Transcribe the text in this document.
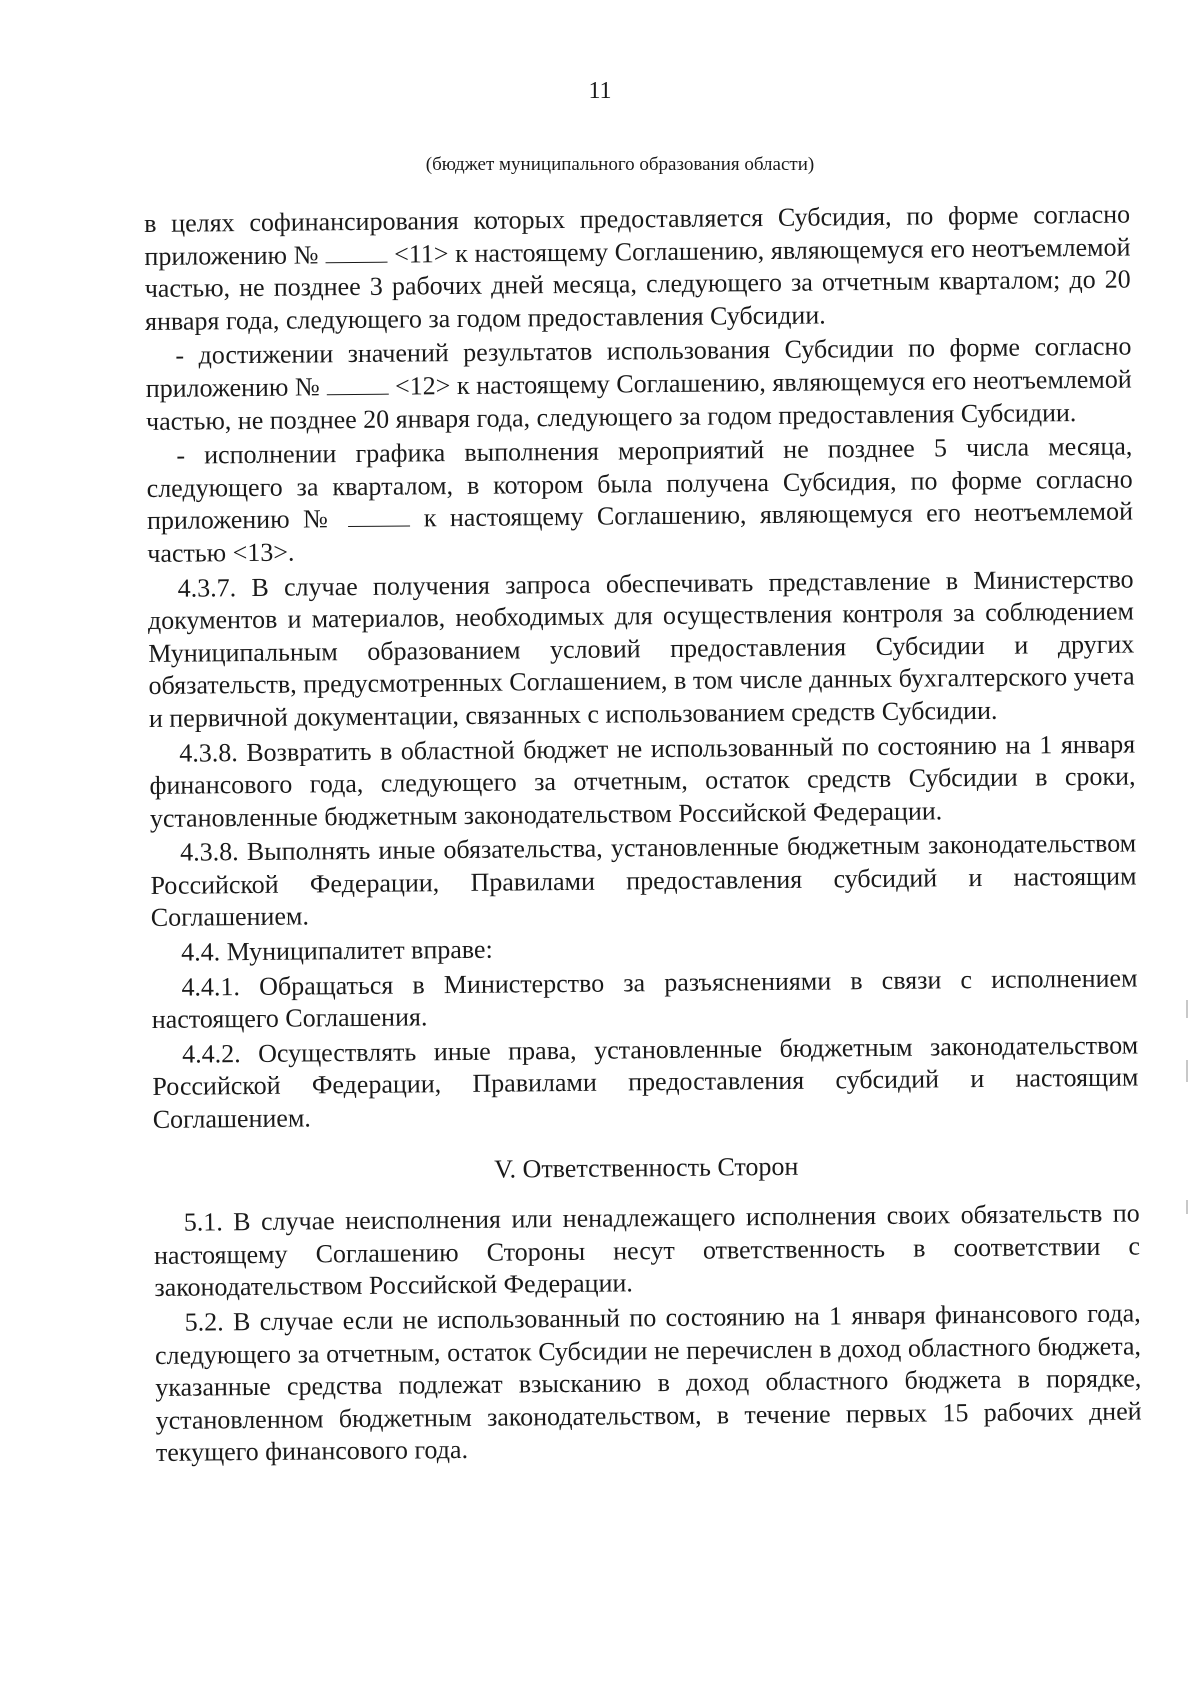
11
(бюджет муниципального образования области)

в целях софинансирования которых предоставляется Субсидия, по форме согласно приложению №  <11> к настоящему Соглашению, являющемуся его неотъемлемой частью, не позднее 3 рабочих дней месяца, следующего за отчетным кварталом; до 20 января года, следующего за годом предоставления Субсидии.

- достижении значений результатов использования Субсидии по форме согласно приложению №  <12> к настоящему Соглашению, являющемуся его неотъемлемой частью, не позднее 20 января года, следующего за годом предоставления Субсидии.

- исполнении графика выполнения мероприятий не позднее 5 числа месяца, следующего за кварталом, в котором была получена Субсидия, по форме согласно приложению №  к настоящему Соглашению, являющемуся его неотъемлемой частью <13>.

4.3.7. В случае получения запроса обеспечивать представление в Министерство документов и материалов, необходимых для осуществления контроля за соблюдением Муниципальным образованием условий предоставления Субсидии и других обязательств, предусмотренных Соглашением, в том числе данных бухгалтерского учета и первичной документации, связанных с использованием средств Субсидии.

4.3.8. Возвратить в областной бюджет не использованный по состоянию на 1 января финансового года, следующего за отчетным, остаток средств Субсидии в сроки, установленные бюджетным законодательством Российской Федерации.

4.3.8. Выполнять иные обязательства, установленные бюджетным законодательством Российской Федерации, Правилами предоставления субсидий и настоящим Соглашением.

4.4. Муниципалитет вправе:

4.4.1. Обращаться в Министерство за разъяснениями в связи с исполнением настоящего Соглашения.

4.4.2. Осуществлять иные права, установленные бюджетным законодательством Российской Федерации, Правилами предоставления субсидий и настоящим Соглашением.

V. Ответственность Сторон

5.1. В случае неисполнения или ненадлежащего исполнения своих обязательств по настоящему Соглашению Стороны несут ответственность в соответствии с законодательством Российской Федерации.

5.2. В случае если не использованный по состоянию на 1 января финансового года, следующего за отчетным, остаток Субсидии не перечислен в доход областного бюджета, указанные средства подлежат взысканию в доход областного бюджета в порядке, установленном бюджетным законодательством, в течение первых 15 рабочих дней текущего финансового года.
